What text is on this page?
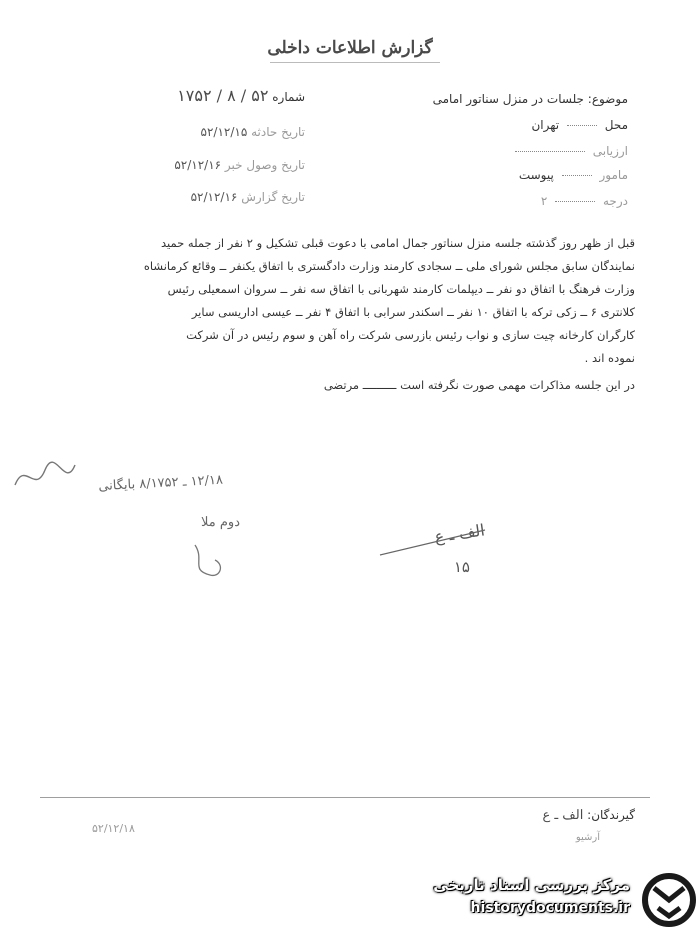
گزارش اطلاعات داخلی
شماره ۵۲ / ۸ / ۱۷۵۲	موضوع: جلسات در منزل سناتور امامی
محل  تهران
تاریخ حادثه ۵۲/۱۲/۱۵
ارزیابی
تاریخ وصول خبر ۵۲/۱۲/۱۶
مامور  پیوست
تاریخ گزارش ۵۲/۱۲/۱۶	درجه  ۲
قبل از ظهر روز گذشته جلسه منزل سناتور جمال امامی با دعوت قبلی تشکیل و ۲ نفر از جمله حمید
نمایندگان سابق مجلس شورای ملی ــ سجادی کارمند وزارت دادگستری با اتفاق یکنفر ــ وقائع کرمانشاه
وزارت فرهنگ با اتفاق دو نفر ــ دیپلمات کارمند شهربانی با اتفاق سه نفر ــ سروان اسمعیلی رئیس
کلانتری ۶ ــ زکی ترکه با اتفاق ۱۰ نفر ــ اسکندر سرابی با اتفاق ۴ نفر ــ عیسی اداریسی سایر
کارگران کارخانه چیت سازی و نواب رئیس بازرسی شرکت راه آهن و سوم رئیس در آن شرکت
نموده اند .
در این جلسه مذاکرات مهمی صورت نگرفته است ــــــــــ مرتضی
۱۲/۱۸ ـ ۸/۱۷۵۲ بایگانی
دوم ملا	الف ـ ع
۱۵
گیرندگان: الف ـ ع
آرشیو
۵۲/۱۲/۱۸
مرکز بررسی اسناد تاریخی
historydocuments.ir
